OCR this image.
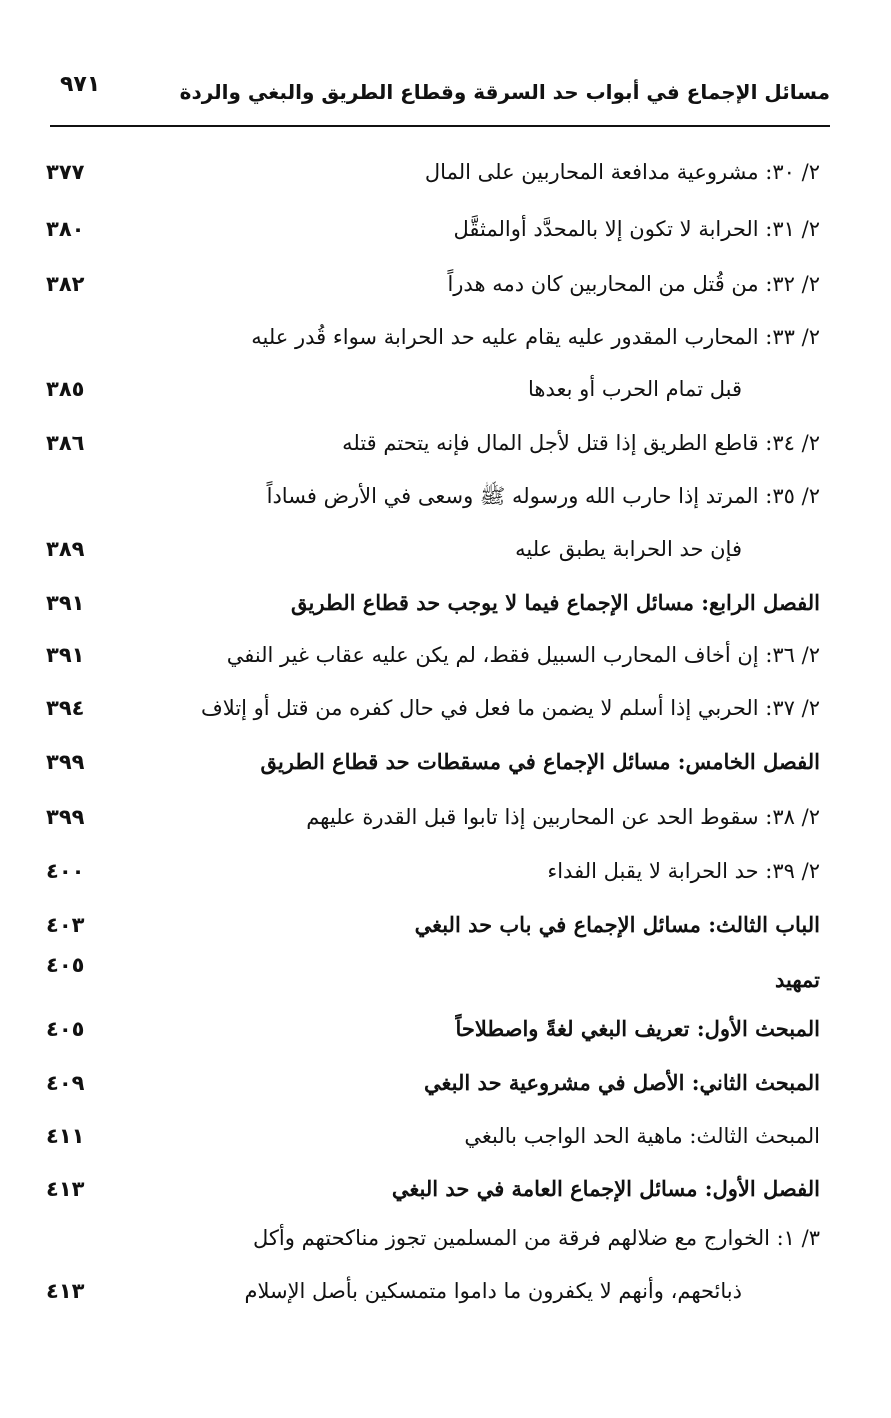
مسائل الإجماع في أبواب حد السرقة وقطاع الطريق والبغي والردة
٩٧١
٢/ ٣٠: مشروعية مدافعة المحاربين على المال
٣٧٧
٢/ ٣١: الحرابة لا تكون إلا بالمحدَّد أوالمثقَّل
٣٨٠
٢/ ٣٢: من قُتل من المحاربين كان دمه هدراً
٣٨٢
٢/ ٣٣: المحارب المقدور عليه يقام عليه حد الحرابة سواء قُدر عليه
قبل تمام الحرب أو بعدها
٣٨٥
٢/ ٣٤: قاطع الطريق إذا قتل لأجل المال فإنه يتحتم قتله
٣٨٦
٢/ ٣٥: المرتد إذا حارب الله ورسوله ﷺ وسعى في الأرض فساداً
فإن حد الحرابة يطبق عليه
٣٨٩
الفصل الرابع: مسائل الإجماع فيما لا يوجب حد قطاع الطريق
٣٩١
٢/ ٣٦: إن أخاف المحارب السبيل فقط، لم يكن عليه عقاب غير النفي
٣٩١
٢/ ٣٧: الحربي إذا أسلم لا يضمن ما فعل في حال كفره من قتل أو إتلاف
٣٩٤
الفصل الخامس: مسائل الإجماع في مسقطات حد قطاع الطريق
٣٩٩
٢/ ٣٨: سقوط الحد عن المحاربين إذا تابوا قبل القدرة عليهم
٣٩٩
٢/ ٣٩: حد الحرابة لا يقبل الفداء
٤٠٠
الباب الثالث: مسائل الإجماع في باب حد البغي
٤٠٣
٤٠٥
تمهيد
المبحث الأول: تعريف البغي لغةً واصطلاحاً
٤٠٥
المبحث الثاني: الأصل في مشروعية حد البغي
٤٠٩
المبحث الثالث: ماهية الحد الواجب بالبغي
٤١١
الفصل الأول: مسائل الإجماع العامة في حد البغي
٤١٣
٣/ ١: الخوارج مع ضلالهم فرقة من المسلمين تجوز مناكحتهم وأكل
ذبائحهم، وأنهم لا يكفرون ما داموا متمسكين بأصل الإسلام
٤١٣
